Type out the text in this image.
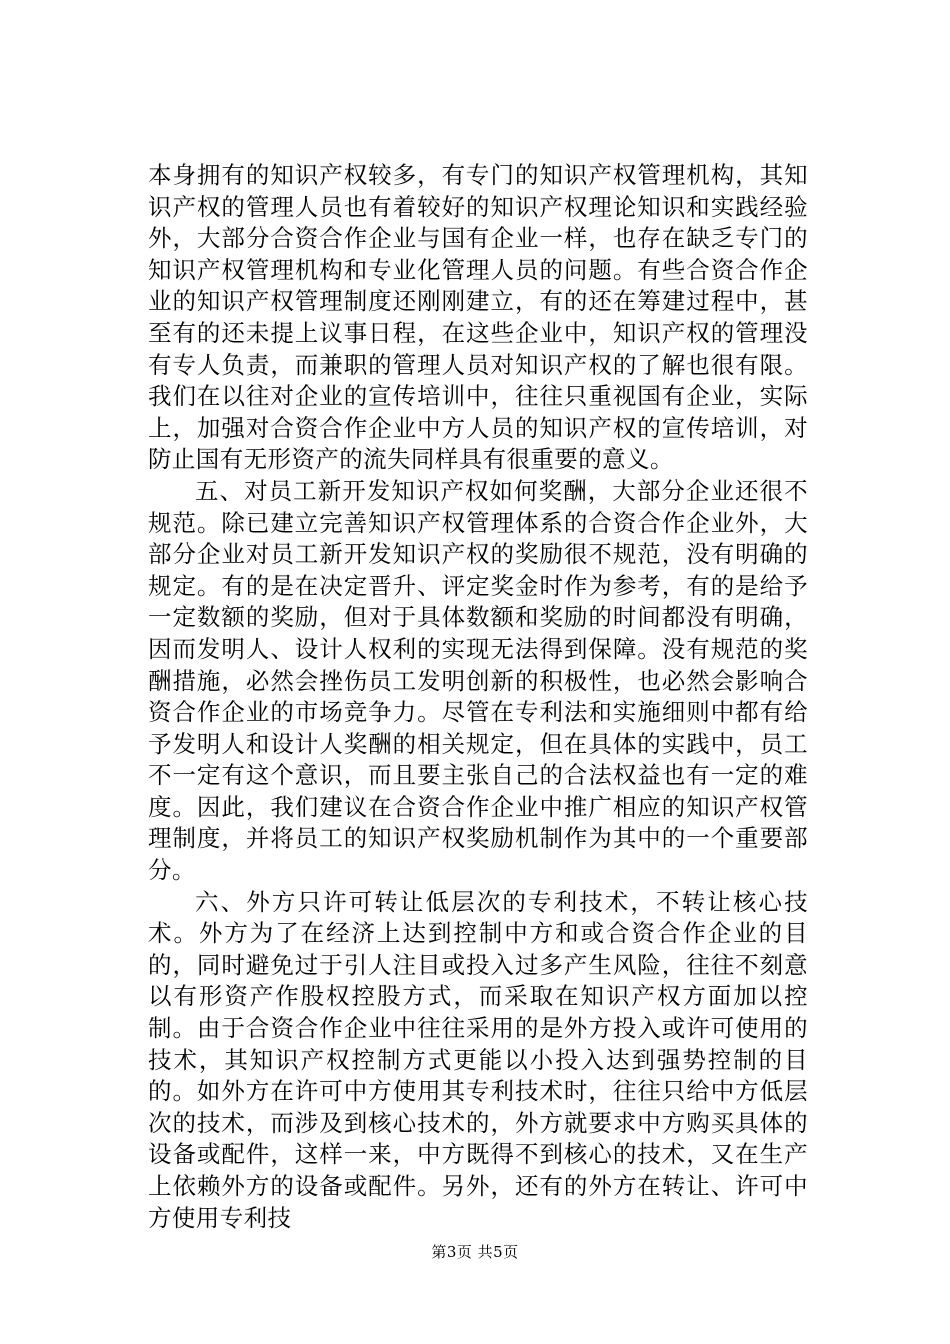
本身拥有的知识产权较多，有专门的知识产权管理机构，其知识产权的管理人员也有着较好的知识产权理论知识和实践经验外，大部分合资合作企业与国有企业一样，也存在缺乏专门的知识产权管理机构和专业化管理人员的问题。有些合资合作企业的知识产权管理制度还刚刚建立，有的还在筹建过程中，甚至有的还未提上议事日程，在这些企业中，知识产权的管理没有专人负责，而兼职的管理人员对知识产权的了解也很有限。我们在以往对企业的宣传培训中，往往只重视国有企业，实际上，加强对合资合作企业中方人员的知识产权的宣传培训，对防止国有无形资产的流失同样具有很重要的意义。

五、对员工新开发知识产权如何奖酬，大部分企业还很不规范。除已建立完善知识产权管理体系的合资合作企业外，大部分企业对员工新开发知识产权的奖励很不规范，没有明确的规定。有的是在决定晋升、评定奖金时作为参考，有的是给予一定数额的奖励，但对于具体数额和奖励的时间都没有明确，因而发明人、设计人权利的实现无法得到保障。没有规范的奖酬措施，必然会挫伤员工发明创新的积极性，也必然会影响合资合作企业的市场竞争力。尽管在专利法和实施细则中都有给予发明人和设计人奖酬的相关规定，但在具体的实践中，员工不一定有这个意识，而且要主张自己的合法权益也有一定的难度。因此，我们建议在合资合作企业中推广相应的知识产权管理制度，并将员工的知识产权奖励机制作为其中的一个重要部分。

六、外方只许可转让低层次的专利技术，不转让核心技术。外方为了在经济上达到控制中方和或合资合作企业的目的，同时避免过于引人注目或投入过多产生风险，往往不刻意以有形资产作股权控股方式，而采取在知识产权方面加以控制。由于合资合作企业中往往采用的是外方投入或许可使用的技术，其知识产权控制方式更能以小投入达到强势控制的目的。如外方在许可中方使用其专利技术时，往往只给中方低层次的技术，而涉及到核心技术的，外方就要求中方购买具体的设备或配件，这样一来，中方既得不到核心的技术，又在生产上依赖外方的设备或配件。另外，还有的外方在转让、许可中方使用专利技

第3页 共5页
